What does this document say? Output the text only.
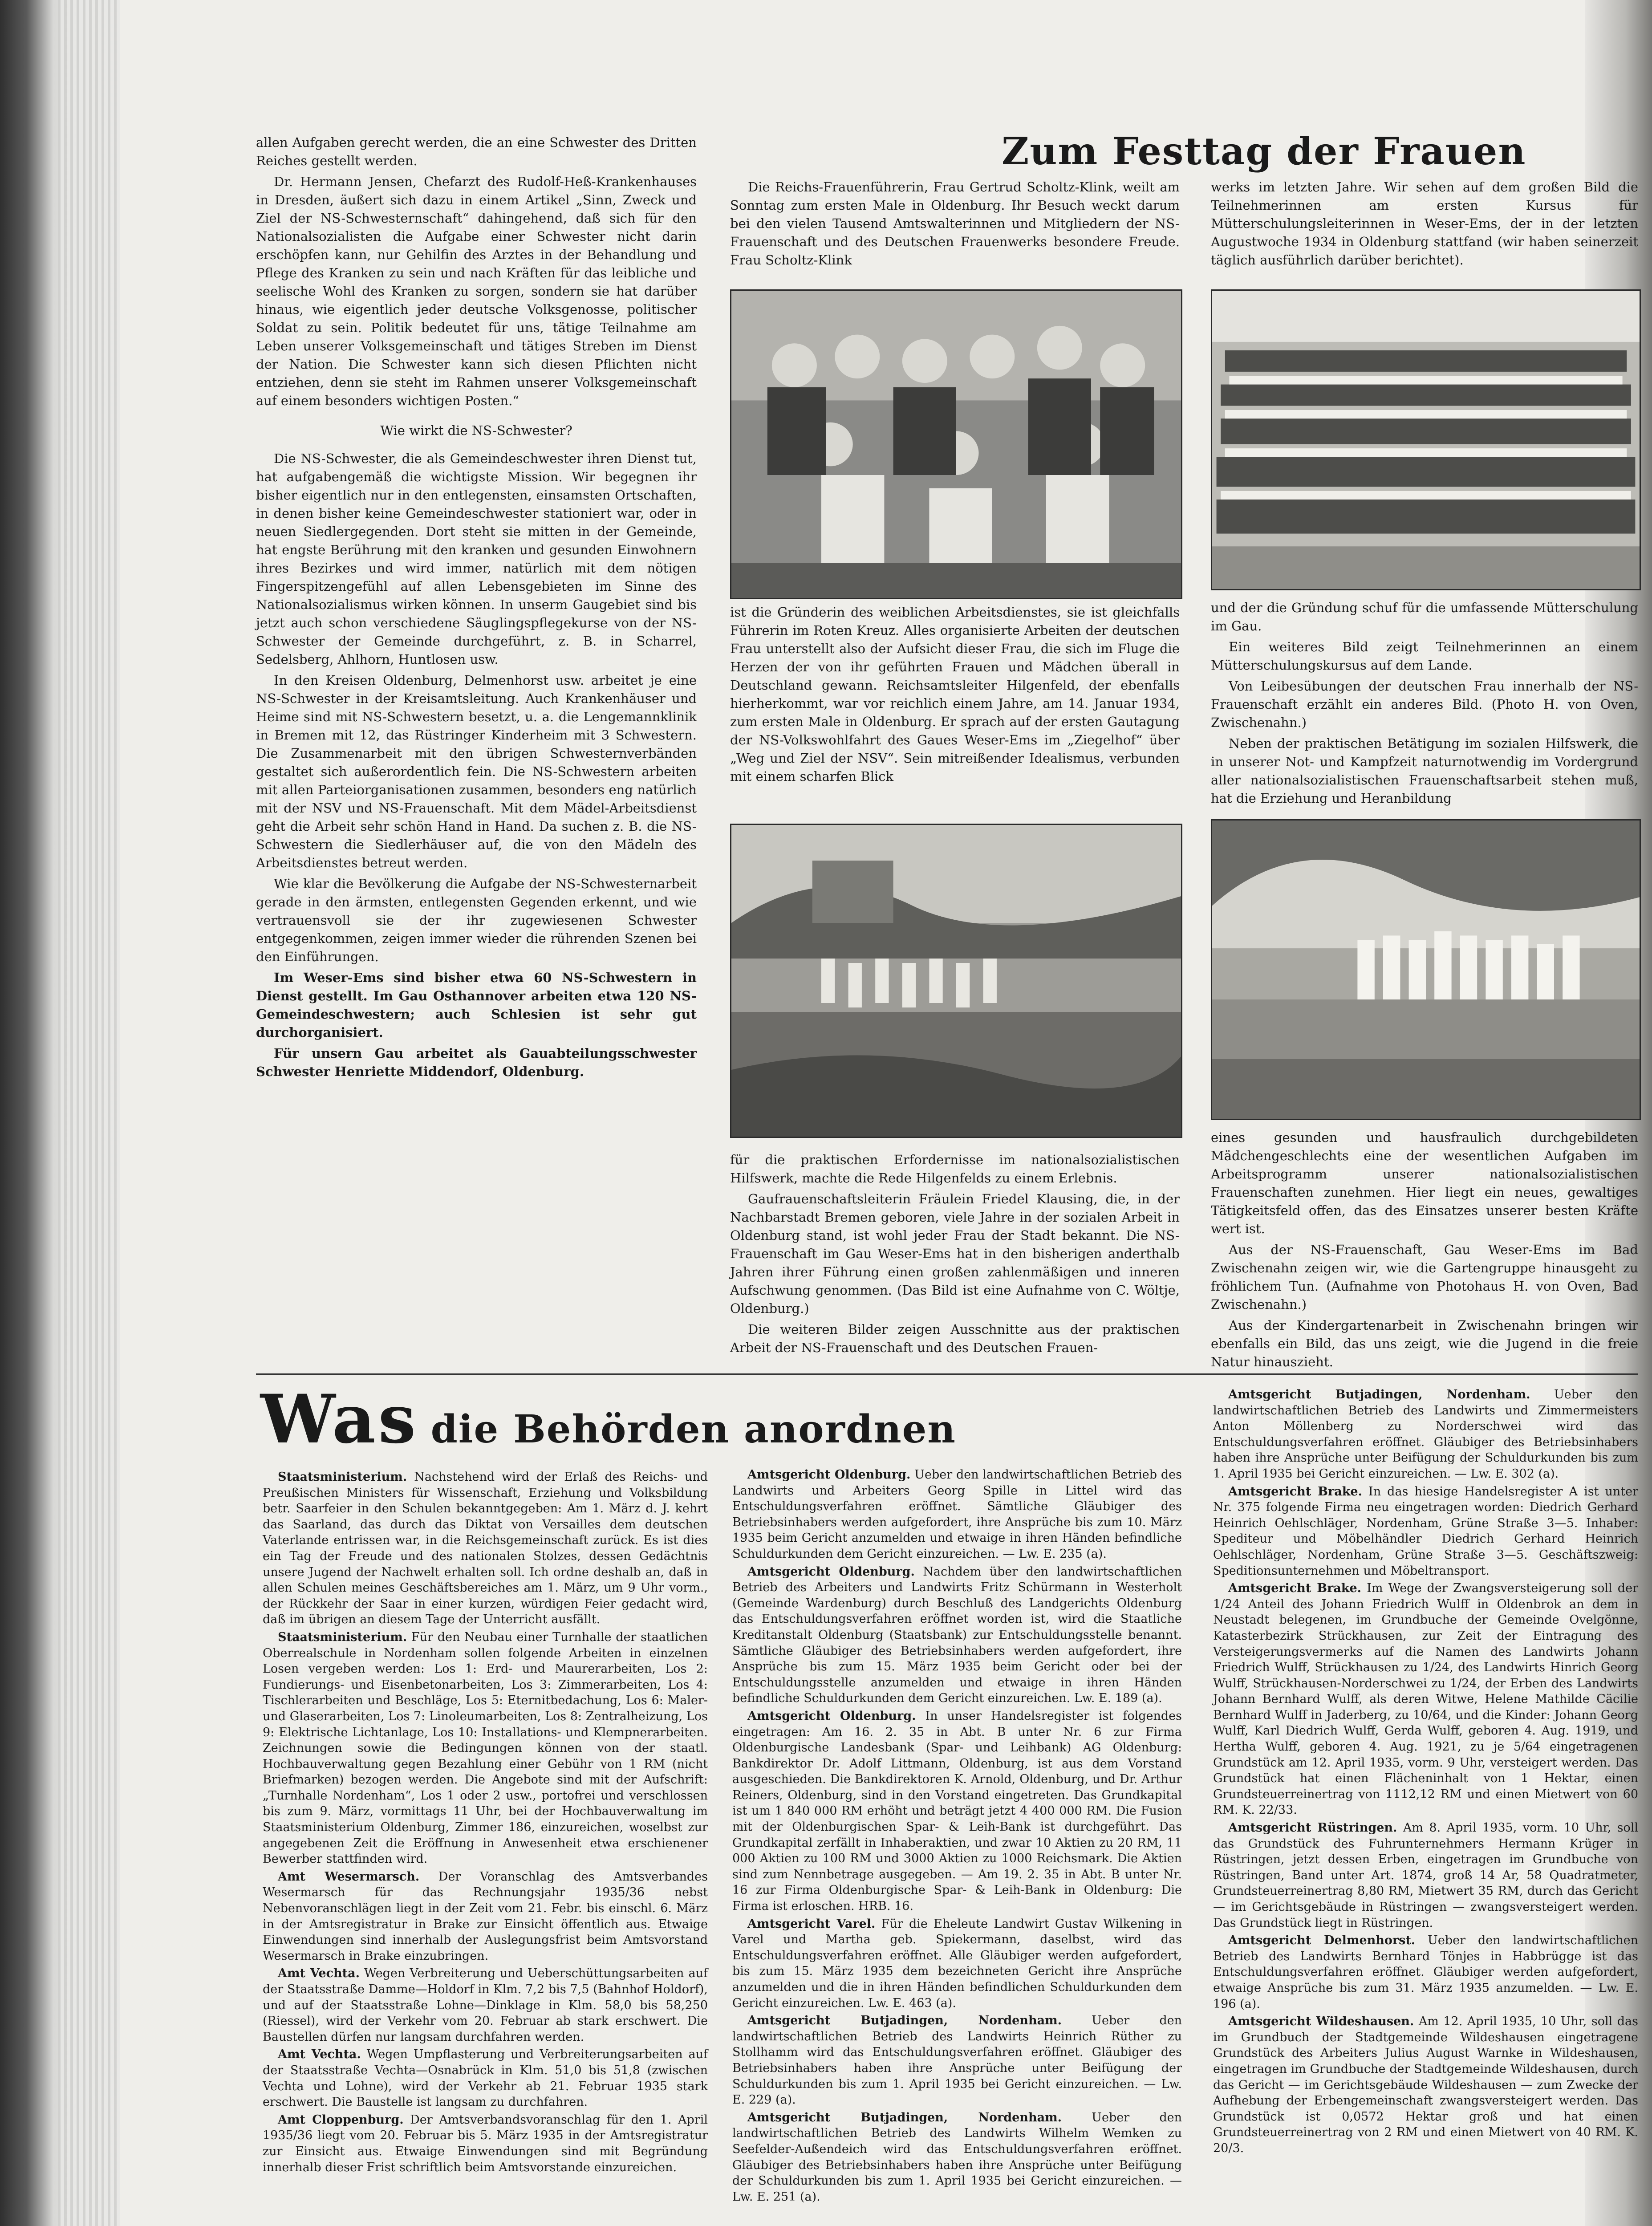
allen Aufgaben gerecht werden, die an eine Schwester des Dritten Reiches gestellt werden.

Dr. Hermann Jensen, Chefarzt des Rudolf-Heß-Krankenhauses in Dresden, äußert sich dazu in einem Artikel „Sinn, Zweck und Ziel der NS-Schwesternschaft“ dahingehend, daß sich für den Nationalsozialisten die Aufgabe einer Schwester nicht darin erschöpfen kann, nur Gehilfin des Arztes in der Behandlung und Pflege des Kranken zu sein und nach Kräften für das leibliche und seelische Wohl des Kranken zu sorgen, sondern sie hat darüber hinaus, wie eigentlich jeder deutsche Volksgenosse, politischer Soldat zu sein. Politik bedeutet für uns, tätige Teilnahme am Leben unserer Volksgemeinschaft und tätiges Streben im Dienst der Nation. Die Schwester kann sich diesen Pflichten nicht entziehen, denn sie steht im Rahmen unserer Volksgemeinschaft auf einem besonders wichtigen Posten.“

Wie wirkt die NS-Schwester?

Die NS-Schwester, die als Gemeindeschwester ihren Dienst tut, hat aufgabengemäß die wichtigste Mission. Wir begegnen ihr bisher eigentlich nur in den entlegensten, einsamsten Ortschaften, in denen bisher keine Gemeindeschwester stationiert war, oder in neuen Siedlergegenden. Dort steht sie mitten in der Gemeinde, hat engste Berührung mit den kranken und gesunden Einwohnern ihres Bezirkes und wird immer, natürlich mit dem nötigen Fingerspitzengefühl auf allen Lebensgebieten im Sinne des Nationalsozialismus wirken können. In unserm Gaugebiet sind bis jetzt auch schon verschiedene Säuglingspflegekurse von der NS-Schwester der Gemeinde durchgeführt, z. B. in Scharrel, Sedelsberg, Ahlhorn, Huntlosen usw.

In den Kreisen Oldenburg, Delmenhorst usw. arbeitet je eine NS-Schwester in der Kreisamtsleitung. Auch Krankenhäuser und Heime sind mit NS-Schwestern besetzt, u. a. die Lengemannklinik in Bremen mit 12, das Rüstringer Kinderheim mit 3 Schwestern. Die Zusammenarbeit mit den übrigen Schwesternverbänden gestaltet sich außerordentlich fein. Die NS-Schwestern arbeiten mit allen Parteiorganisationen zusammen, besonders eng natürlich mit der NSV und NS-Frauenschaft. Mit dem Mädel-Arbeitsdienst geht die Arbeit sehr schön Hand in Hand. Da suchen z. B. die NS-Schwestern die Siedlerhäuser auf, die von den Mädeln des Arbeitsdienstes betreut werden.

Wie klar die Bevölkerung die Aufgabe der NS-Schwesternarbeit gerade in den ärmsten, entlegensten Gegenden erkennt, und wie vertrauensvoll sie der ihr zugewiesenen Schwester entgegenkommen, zeigen immer wieder die rührenden Szenen bei den Einführungen.

Im Weser-Ems sind bisher etwa 60 NS-Schwestern in Dienst gestellt. Im Gau Osthannover arbeiten etwa 120 NS-Gemeindeschwestern; auch Schlesien ist sehr gut durchorganisiert.

Für unsern Gau arbeitet als Gauabteilungsschwester Schwester Henriette Middendorf, Oldenburg.

Zum Festtag der Frauen

Die Reichs-Frauenführerin, Frau Gertrud Scholtz-Klink, weilt am Sonntag zum ersten Male in Oldenburg. Ihr Besuch weckt darum bei den vielen Tausend Amtswalterinnen und Mitgliedern der NS-Frauenschaft und des Deutschen Frauenwerks besondere Freude. Frau Scholtz-Klink

werks im letzten Jahre. Wir sehen auf dem großen Bild die Teilnehmerinnen am ersten Kursus für Mütterschulungsleiterinnen in Weser-Ems, der in der letzten Augustwoche 1934 in Oldenburg stattfand (wir haben seinerzeit täglich ausführlich darüber berichtet).

ist die Gründerin des weiblichen Arbeitsdienstes, sie ist gleichfalls Führerin im Roten Kreuz. Alles organisierte Arbeiten der deutschen Frau unterstellt also der Aufsicht dieser Frau, die sich im Fluge die Herzen der von ihr geführten Frauen und Mädchen überall in Deutschland gewann. Reichsamtsleiter Hilgenfeld, der ebenfalls hierherkommt, war vor reichlich einem Jahre, am 14. Januar 1934, zum ersten Male in Oldenburg. Er sprach auf der ersten Gautagung der NS-Volkswohlfahrt des Gaues Weser-Ems im „Ziegelhof“ über „Weg und Ziel der NSV“. Sein mitreißender Idealismus, verbunden mit einem scharfen Blick

und der die Gründung schuf für die umfassende Mütterschulung im Gau.

Ein weiteres Bild zeigt Teilnehmerinnen an einem Mütterschulungskursus auf dem Lande.

Von Leibesübungen der deutschen Frau innerhalb der NS-Frauenschaft erzählt ein anderes Bild. (Photo H. von Oven, Zwischenahn.)

Neben der praktischen Betätigung im sozialen Hilfswerk, die in unserer Not- und Kampfzeit naturnotwendig im Vordergrund aller nationalsozialistischen Frauenschaftsarbeit stehen muß, hat die Erziehung und Heranbildung

für die praktischen Erfordernisse im nationalsozialistischen Hilfswerk, machte die Rede Hilgenfelds zu einem Erlebnis.

Gaufrauenschaftsleiterin Fräulein Friedel Klausing, die, in der Nachbarstadt Bremen geboren, viele Jahre in der sozialen Arbeit in Oldenburg stand, ist wohl jeder Frau der Stadt bekannt. Die NS-Frauenschaft im Gau Weser-Ems hat in den bisherigen anderthalb Jahren ihrer Führung einen großen zahlenmäßigen und inneren Aufschwung genommen. (Das Bild ist eine Aufnahme von C. Wöltje, Oldenburg.)

Die weiteren Bilder zeigen Ausschnitte aus der praktischen Arbeit der NS-Frauenschaft und des Deutschen Frauen-

eines gesunden und hausfraulich durchgebildeten Mädchengeschlechts eine der wesentlichen Aufgaben im Arbeitsprogramm unserer nationalsozialistischen Frauenschaften zunehmen. Hier liegt ein neues, gewaltiges Tätigkeitsfeld offen, das des Einsatzes unserer besten Kräfte wert ist.

Aus der NS-Frauenschaft, Gau Weser-Ems im Bad Zwischenahn zeigen wir, wie die Gartengruppe hinausgeht zu fröhlichem Tun. (Aufnahme von Photohaus H. von Oven, Bad Zwischenahn.)

Aus der Kindergartenarbeit in Zwischenahn bringen wir ebenfalls ein Bild, das uns zeigt, wie die Jugend in die freie Natur hinauszieht.

Was die Behörden anordnen

Staatsministerium. Nachstehend wird der Erlaß des Reichs- und Preußischen Ministers für Wissenschaft, Erziehung und Volksbildung betr. Saarfeier in den Schulen bekanntgegeben: Am 1. März d. J. kehrt das Saarland, das durch das Diktat von Versailles dem deutschen Vaterlande entrissen war, in die Reichsgemeinschaft zurück. Es ist dies ein Tag der Freude und des nationalen Stolzes, dessen Gedächtnis unsere Jugend der Nachwelt erhalten soll. Ich ordne deshalb an, daß in allen Schulen meines Geschäftsbereiches am 1. März, um 9 Uhr vorm., der Rückkehr der Saar in einer kurzen, würdigen Feier gedacht wird, daß im übrigen an diesem Tage der Unterricht ausfällt.

Staatsministerium. Für den Neubau einer Turnhalle der staatlichen Oberrealschule in Nordenham sollen folgende Arbeiten in einzelnen Losen vergeben werden: Los 1: Erd- und Maurerarbeiten, Los 2: Fundierungs- und Eisenbetonarbeiten, Los 3: Zimmerarbeiten, Los 4: Tischlerarbeiten und Beschläge, Los 5: Eternitbedachung, Los 6: Maler- und Glaserarbeiten, Los 7: Linoleumarbeiten, Los 8: Zentralheizung, Los 9: Elektrische Lichtanlage, Los 10: Installations- und Klempnerarbeiten. Zeichnungen sowie die Bedingungen können von der staatl. Hochbauverwaltung gegen Bezahlung einer Gebühr von 1 RM (nicht Briefmarken) bezogen werden. Die Angebote sind mit der Aufschrift: „Turnhalle Nordenham“, Los 1 oder 2 usw., portofrei und verschlossen bis zum 9. März, vormittags 11 Uhr, bei der Hochbauverwaltung im Staatsministerium Oldenburg, Zimmer 186, einzureichen, woselbst zur angegebenen Zeit die Eröffnung in Anwesenheit etwa erschienener Bewerber stattfinden wird.

Amt Wesermarsch. Der Voranschlag des Amtsverbandes Wesermarsch für das Rechnungsjahr 1935/36 nebst Nebenvoranschlägen liegt in der Zeit vom 21. Febr. bis einschl. 6. März in der Amtsregistratur in Brake zur Einsicht öffentlich aus. Etwaige Einwendungen sind innerhalb der Auslegungsfrist beim Amtsvorstand Wesermarsch in Brake einzubringen.

Amt Vechta. Wegen Verbreiterung und Ueberschüttungsarbeiten auf der Staatsstraße Damme—Holdorf in Klm. 7,2 bis 7,5 (Bahnhof Holdorf), und auf der Staatsstraße Lohne—Dinklage in Klm. 58,0 bis 58,250 (Riessel), wird der Verkehr vom 20. Februar ab stark erschwert. Die Baustellen dürfen nur langsam durchfahren werden.

Amt Vechta. Wegen Umpflasterung und Verbreiterungsarbeiten auf der Staatsstraße Vechta—Osnabrück in Klm. 51,0 bis 51,8 (zwischen Vechta und Lohne), wird der Verkehr ab 21. Februar 1935 stark erschwert. Die Baustelle ist langsam zu durchfahren.

Amt Cloppenburg. Der Amtsverbandsvoranschlag für den 1. April 1935/36 liegt vom 20. Februar bis 5. März 1935 in der Amtsregistratur zur Einsicht aus. Etwaige Einwendungen sind mit Begründung innerhalb dieser Frist schriftlich beim Amtsvorstande einzureichen.

Amtsgericht Oldenburg. Ueber den landwirtschaftlichen Betrieb des Landwirts und Arbeiters Georg Spille in Littel wird das Entschuldungsverfahren eröffnet. Sämtliche Gläubiger des Betriebsinhabers werden aufgefordert, ihre Ansprüche bis zum 10. März 1935 beim Gericht anzumelden und etwaige in ihren Händen befindliche Schuldurkunden dem Gericht einzureichen. — Lw. E. 235 (a).

Amtsgericht Oldenburg. Nachdem über den landwirtschaftlichen Betrieb des Arbeiters und Landwirts Fritz Schürmann in Westerholt (Gemeinde Wardenburg) durch Beschluß des Landgerichts Oldenburg das Entschuldungsverfahren eröffnet worden ist, wird die Staatliche Kreditanstalt Oldenburg (Staatsbank) zur Entschuldungsstelle benannt. Sämtliche Gläubiger des Betriebsinhabers werden aufgefordert, ihre Ansprüche bis zum 15. März 1935 beim Gericht oder bei der Entschuldungsstelle anzumelden und etwaige in ihren Händen befindliche Schuldurkunden dem Gericht einzureichen. Lw. E. 189 (a).

Amtsgericht Oldenburg. In unser Handelsregister ist folgendes eingetragen: Am 16. 2. 35 in Abt. B unter Nr. 6 zur Firma Oldenburgische Landesbank (Spar- und Leihbank) AG Oldenburg: Bankdirektor Dr. Adolf Littmann, Oldenburg, ist aus dem Vorstand ausgeschieden. Die Bankdirektoren K. Arnold, Oldenburg, und Dr. Arthur Reiners, Oldenburg, sind in den Vorstand eingetreten. Das Grundkapital ist um 1 840 000 RM erhöht und beträgt jetzt 4 400 000 RM. Die Fusion mit der Oldenburgischen Spar- & Leih-Bank ist durchgeführt. Das Grundkapital zerfällt in Inhaberaktien, und zwar 10 Aktien zu 20 RM, 11 000 Aktien zu 100 RM und 3000 Aktien zu 1000 Reichsmark. Die Aktien sind zum Nennbetrage ausgegeben. — Am 19. 2. 35 in Abt. B unter Nr. 16 zur Firma Oldenburgische Spar- & Leih-Bank in Oldenburg: Die Firma ist erloschen. HRB. 16.

Amtsgericht Varel. Für die Eheleute Landwirt Gustav Wilkening in Varel und Martha geb. Spiekermann, daselbst, wird das Entschuldungsverfahren eröffnet. Alle Gläubiger werden aufgefordert, bis zum 15. März 1935 dem bezeichneten Gericht ihre Ansprüche anzumelden und die in ihren Händen befindlichen Schuldurkunden dem Gericht einzureichen. Lw. E. 463 (a).

Amtsgericht Butjadingen, Nordenham. Ueber den landwirtschaftlichen Betrieb des Landwirts Heinrich Rüther zu Stollhamm wird das Entschuldungsverfahren eröffnet. Gläubiger des Betriebsinhabers haben ihre Ansprüche unter Beifügung der Schuldurkunden bis zum 1. April 1935 bei Gericht einzureichen. — Lw. E. 229 (a).

Amtsgericht Butjadingen, Nordenham. Ueber den landwirtschaftlichen Betrieb des Landwirts Wilhelm Wemken zu Seefelder-Außendeich wird das Entschuldungsverfahren eröffnet. Gläubiger des Betriebsinhabers haben ihre Ansprüche unter Beifügung der Schuldurkunden bis zum 1. April 1935 bei Gericht einzureichen. — Lw. E. 251 (a).

Amtsgericht Butjadingen, Nordenham. Ueber den landwirtschaftlichen Betrieb des Landwirts und Zimmermeisters Anton Möllenberg zu Norderschwei wird das Entschuldungsverfahren eröffnet. Gläubiger des Betriebsinhabers haben ihre Ansprüche unter Beifügung der Schuldurkunden bis zum 1. April 1935 bei Gericht einzureichen. — Lw. E. 302 (a).

Amtsgericht Brake. In das hiesige Handelsregister A ist unter Nr. 375 folgende Firma neu eingetragen worden: Diedrich Gerhard Heinrich Oehlschläger, Nordenham, Grüne Straße 3—5. Inhaber: Spediteur und Möbelhändler Diedrich Gerhard Heinrich Oehlschläger, Nordenham, Grüne Straße 3—5. Geschäftszweig: Speditionsunternehmen und Möbeltransport.

Amtsgericht Brake. Im Wege der Zwangsversteigerung soll der 1/24 Anteil des Johann Friedrich Wulff in Oldenbrok an dem in Neustadt belegenen, im Grundbuche der Gemeinde Ovelgönne, Katasterbezirk Strückhausen, zur Zeit der Eintragung des Versteigerungsvermerks auf die Namen des Landwirts Johann Friedrich Wulff, Strückhausen zu 1/24, des Landwirts Hinrich Georg Wulff, Strückhausen-Norderschwei zu 1/24, der Erben des Landwirts Johann Bernhard Wulff, als deren Witwe, Helene Mathilde Cäcilie Bernhard Wulff in Jaderberg, zu 10/64, und die Kinder: Johann Georg Wulff, Karl Diedrich Wulff, Gerda Wulff, geboren 4. Aug. 1919, und Hertha Wulff, geboren 4. Aug. 1921, zu je 5/64 eingetragenen Grundstück am 12. April 1935, vorm. 9 Uhr, versteigert werden. Das Grundstück hat einen Flächeninhalt von 1 Hektar, einen Grundsteuerreinertrag von 1112,12 RM und einen Mietwert von 60 RM. K. 22/33.

Amtsgericht Rüstringen. Am 8. April 1935, vorm. 10 Uhr, soll das Grundstück des Fuhrunternehmers Hermann Krüger in Rüstringen, jetzt dessen Erben, eingetragen im Grundbuche von Rüstringen, Band unter Art. 1874, groß 14 Ar, 58 Quadratmeter, Grundsteuerreinertrag 8,80 RM, Mietwert 35 RM, durch das Gericht — im Gerichtsgebäude in Rüstringen — zwangsversteigert werden. Das Grundstück liegt in Rüstringen.

Amtsgericht Delmenhorst. Ueber den landwirtschaftlichen Betrieb des Landwirts Bernhard Tönjes in Habbrügge ist das Entschuldungsverfahren eröffnet. Gläubiger werden aufgefordert, etwaige Ansprüche bis zum 31. März 1935 anzumelden. — Lw. E. 196 (a).

Amtsgericht Wildeshausen. Am 12. April 1935, 10 Uhr, soll das im Grundbuch der Stadtgemeinde Wildeshausen eingetragene Grundstück des Arbeiters Julius August Warnke in Wildeshausen, eingetragen im Grundbuche der Stadtgemeinde Wildeshausen, durch das Gericht — im Gerichtsgebäude Wildeshausen — zum Zwecke der Aufhebung der Erbengemeinschaft zwangsversteigert werden. Das Grundstück ist 0,0572 Hektar groß und hat einen Grundsteuerreinertrag von 2 RM und einen Mietwert von 40 RM. K. 20/3.
